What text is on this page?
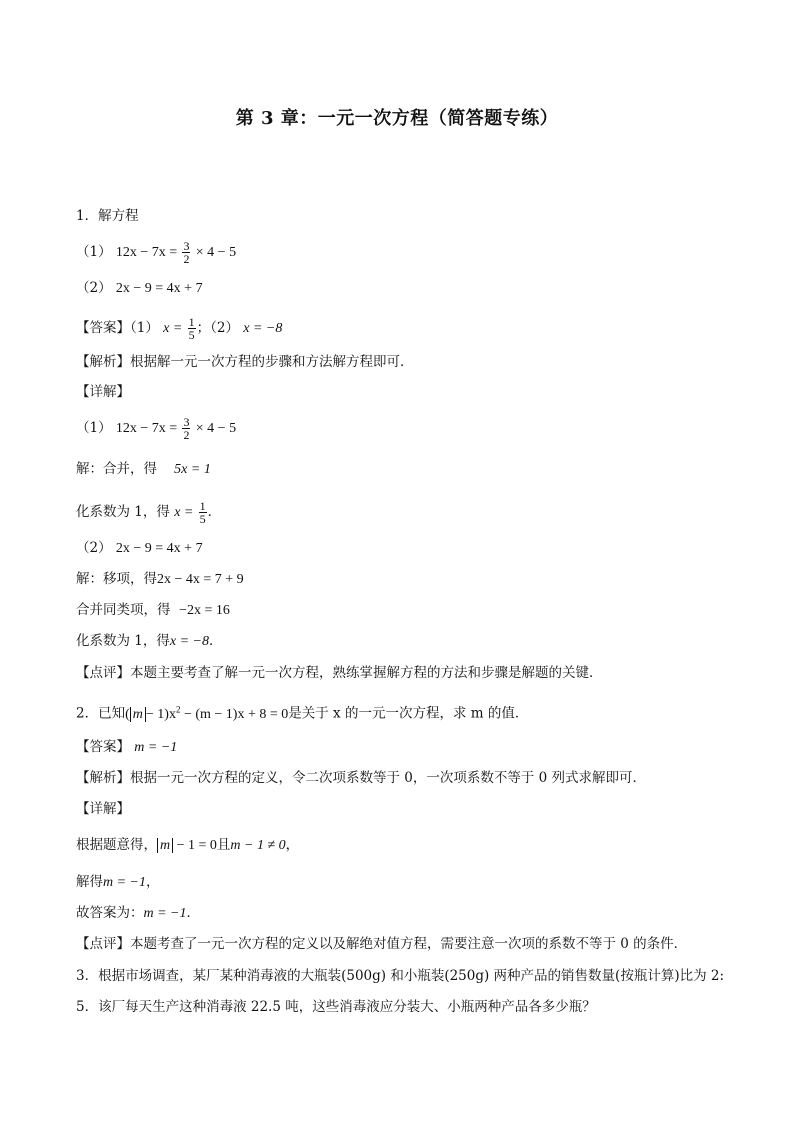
第 3 章：一元一次方程（简答题专练）
1．解方程
（1） $12x - 7x = \frac{3}{2} \times 4 - 5$
（2） 2x − 9 = 4x + 7
【答案】（1） $x = \frac{1}{5}$ ；（2） x = −8
【解析】根据解一元一次方程的步骤和方法解方程即可．
【详解】
（1） $12x - 7x = \frac{3}{2} \times 4 - 5$
解：合并，得 5x = 1
化系数为 1，得 $x = \frac{1}{5}$ ．
（2） 2x − 9 = 4x + 7
解：移项，得2x − 4x = 7 + 9
合并同类项，得 −2x = 16
化系数为 1，得x = −8．
【点评】本题主要考查了解一元一次方程，熟练掌握解方程的方法和步骤是解题的关键．
2．已知( $m - 1)x^2 - (m - 1)x + 8 = 0$是关于 x 的一元一次方程，求 m 的值．
【答案】 m = −1
【解析】根据一元一次方程的定义，令二次项系数等于 0，一次项系数不等于 0 列式求解即可．
【详解】
根据题意得， m − 1 = 0且m − 1 ≠ 0，
解得m = −1，
故答案为：m = −1．
【点评】本题考查了一元一次方程的定义以及解绝对值方程，需要注意一次项的系数不等于 0 的条件．
3．根据市场调查，某厂某种消毒液的大瓶装(500g) 和小瓶装(250g) 两种产品的销售数量(按瓶计算)比为 2:
5．该厂每天生产这种消毒液 22.5 吨，这些消毒液应分装大、小瓶两种产品各多少瓶？
